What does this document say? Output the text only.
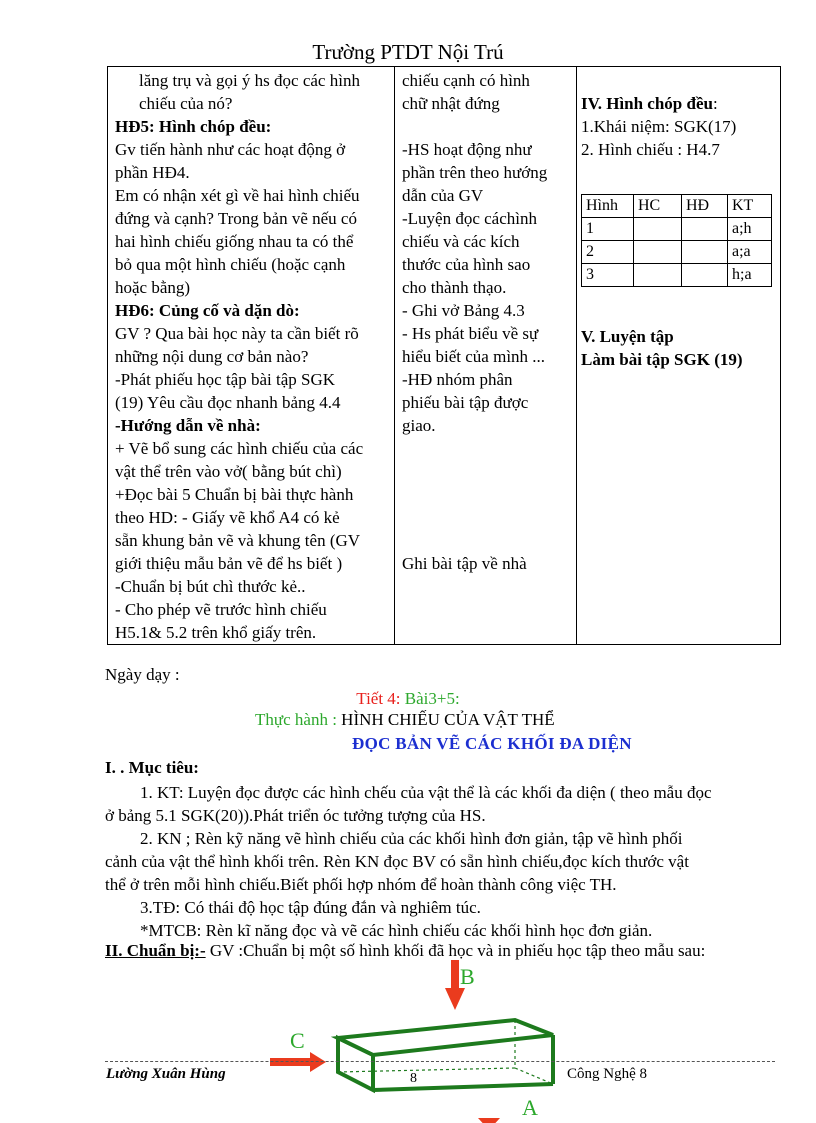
Trường PTDT Nội Trú
lăng trụ và gọi ý hs đọc các hình
chiếu của nó?
HĐ5: Hình chóp đều:
Gv tiến hành như các hoạt động ở
phần HĐ4.
Em có nhận xét gì về hai hình chiếu
đứng và cạnh? Trong bản vẽ nếu có
hai hình chiếu giống nhau ta có thể
bỏ qua một hình chiếu (hoặc cạnh
hoặc bằng)
HĐ6: Củng cố và dặn dò:
GV ? Qua bài học này ta cần biết rõ
những nội dung cơ bản nào?
-Phát phiếu học tập bài tập SGK
(19) Yêu cầu đọc nhanh bảng 4.4
-Hướng dẫn về nhà:
+ Vẽ bổ sung các hình chiếu của các
vật thể trên vào vở( bằng bút chì)
+Đọc bài 5 Chuẩn bị bài thực hành
theo HD: - Giấy vẽ khổ A4 có kẻ
sẵn khung bản vẽ và khung tên (GV
giới thiệu mẫu bản vẽ để hs biết )
-Chuẩn bị bút chì thước kẻ..
- Cho phép vẽ trước hình chiếu
H5.1& 5.2 trên khổ giấy trên.

chiếu cạnh có hình
chữ nhật đứng
-HS hoạt động như
phần trên theo hướng
dẫn của GV
-Luyện đọc cáchình
chiếu và các kích
thước của hình sao
cho thành thạo.
- Ghi vở Bảng 4.3
- Hs phát biểu về sự
hiểu biết của mình ...
-HĐ nhóm phân
phiếu bài tập được
giao.
Ghi bài tập về nhà

IV. Hình chóp đều:
1.Khái niệm: SGK(17)
2. Hình chiếu : H4.7
Hình	HC	HĐ	KT
1			a;h
2			a;a
3			h;a
V. Luyện tập
Làm bài tập SGK (19)
Ngày dạy :
Tiết 4: Bài3+5:
Thực hành : HÌNH CHIẾU CỦA VẬT THỂ
ĐỌC BẢN VẼ CÁC KHỐI ĐA DIỆN
I. . Mục tiêu:
1. KT: Luyện đọc được các hình chếu của vật thể là các khối đa diện ( theo mẫu đọc
ở bảng 5.1 SGK(20)).Phát triển óc tưởng tượng của HS.
2. KN ; Rèn kỹ năng vẽ hình chiếu của các khối hình đơn giản, tập vẽ hình phối
cảnh của vật thể hình khối trên. Rèn KN đọc BV có sẵn hình chiếu,đọc kích thước vật
thể ở trên mỗi hình chiếu.Biết phối hợp nhóm để hoàn thành công việc TH.
3.TĐ: Có thái độ học tập đúng đắn và nghiêm túc.
*MTCB: Rèn kĩ năng đọc và vẽ các hình chiếu các khối hình học đơn giản.
II. Chuẩn bị:- GV :Chuẩn bị một số hình khối đã học và in phiếu học tập theo mẫu sau:
B
C
A
8
Lường Xuân Hùng	Công Nghệ 8
